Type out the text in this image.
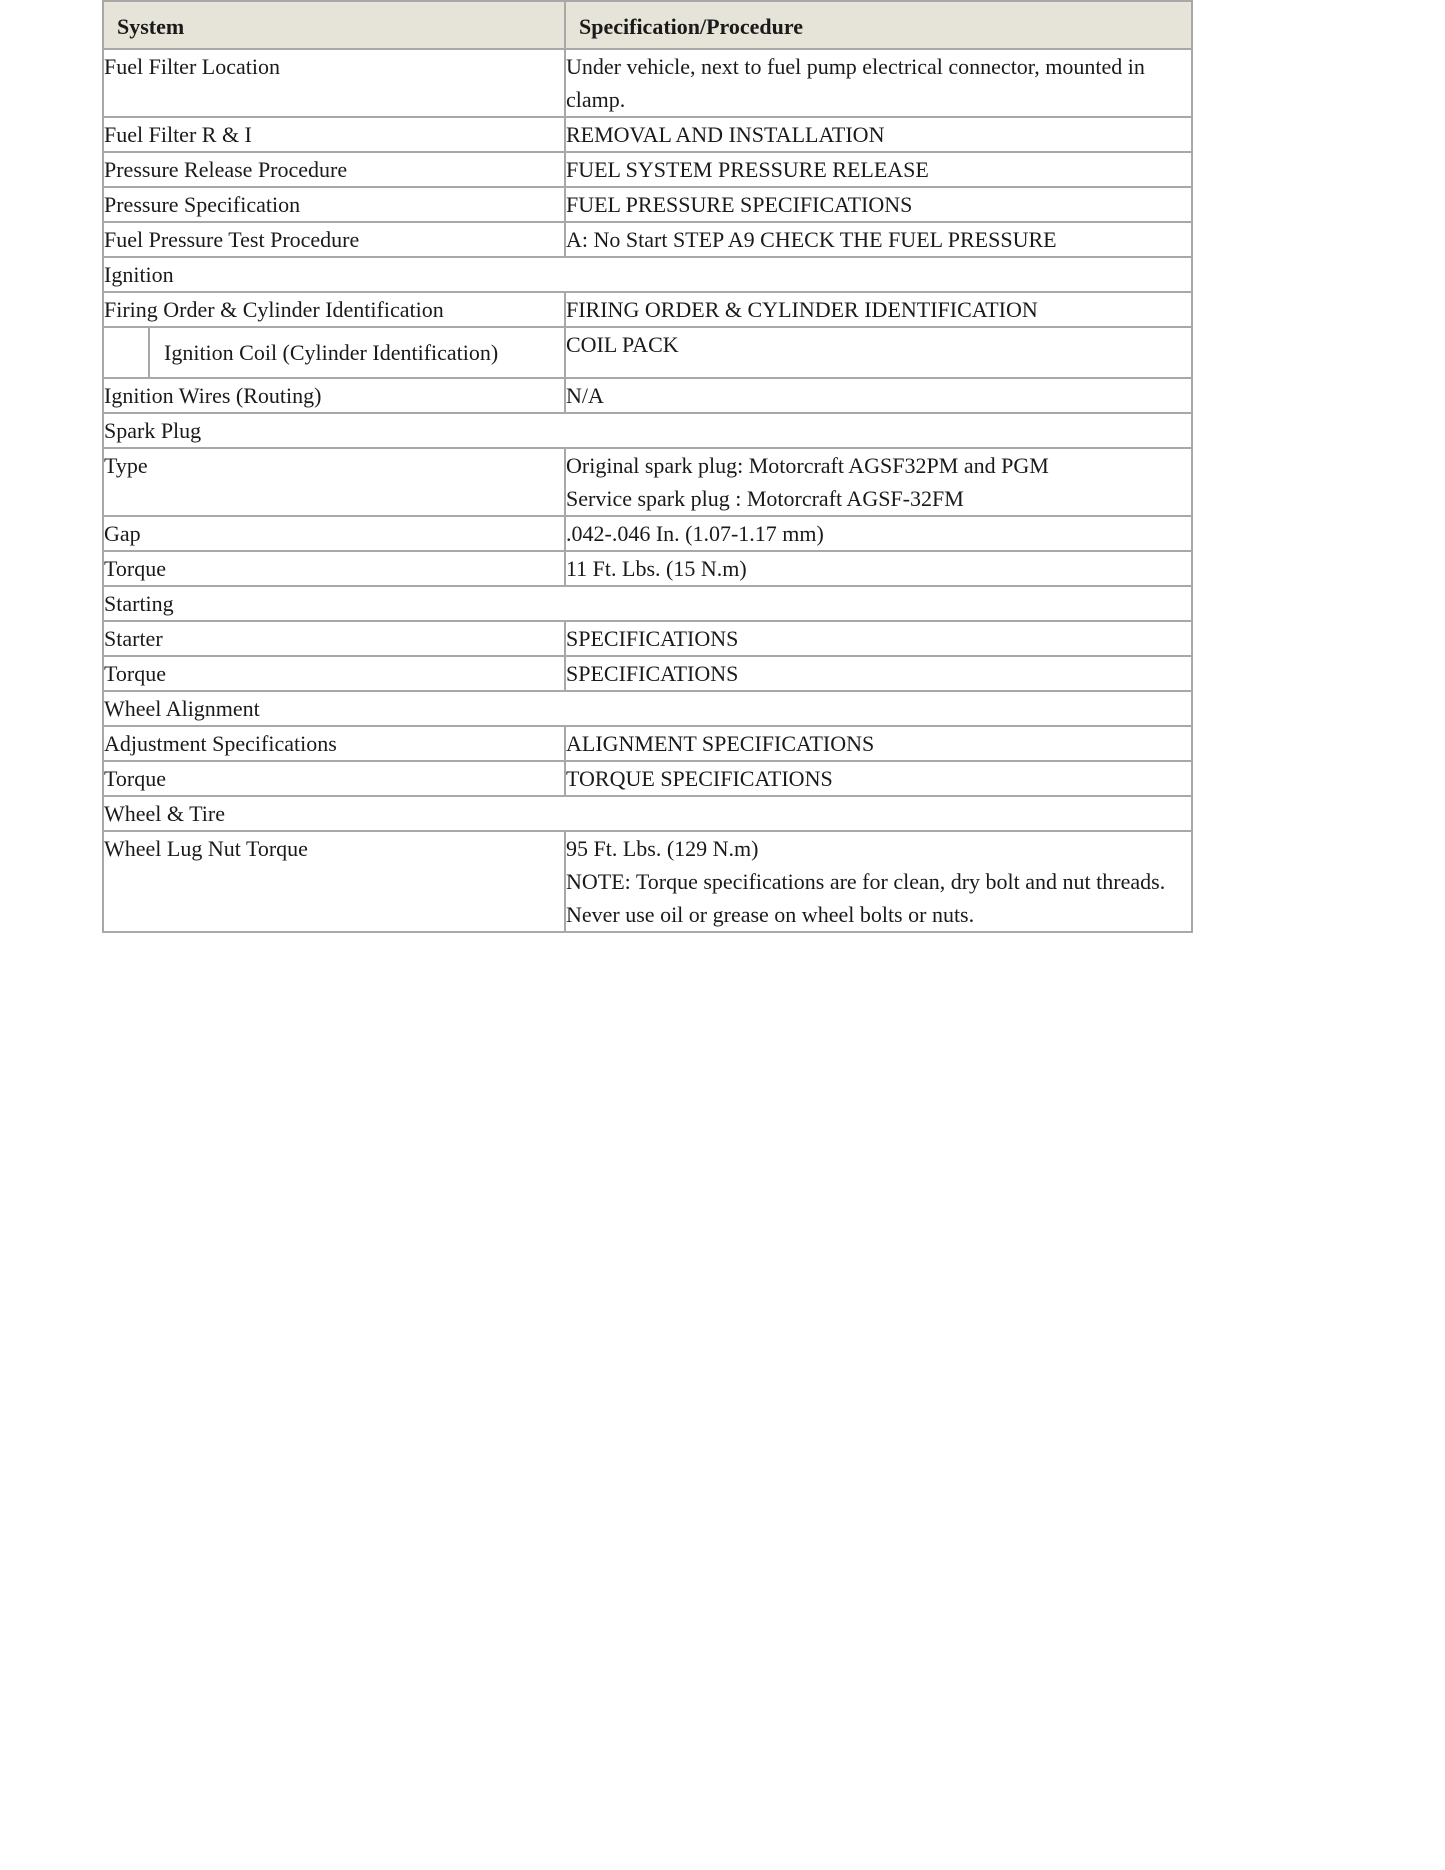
System	Specification/Procedure
Fuel Filter Location	Under vehicle, next to fuel pump electrical connector, mounted in clamp.

Fuel Filter R & I	REMOVAL AND INSTALLATION

Pressure Release Procedure	FUEL SYSTEM PRESSURE RELEASE

Pressure Specification	FUEL PRESSURE SPECIFICATIONS

Fuel Pressure Test Procedure	A: No Start STEP A9 CHECK THE FUEL PRESSURE

Ignition	
Firing Order & Cylinder Identification	FIRING ORDER & CYLINDER IDENTIFICATION

Ignition Coil (Cylinder Identification)	COIL PACK

Ignition Wires (Routing)	N/A

Spark Plug	
Type	Original spark plug: Motorcraft AGSF32PM and PGM
Service spark plug : Motorcraft AGSF-32FM

Gap	.042-.046 In. (1.07-1.17 mm)

Torque	11 Ft. Lbs. (15 N.m)

Starting	
Starter	SPECIFICATIONS

Torque	SPECIFICATIONS

Wheel Alignment	
Adjustment Specifications	ALIGNMENT SPECIFICATIONS

Torque	TORQUE SPECIFICATIONS

Wheel & Tire	
Wheel Lug Nut Torque	95 Ft. Lbs. (129 N.m)
NOTE: Torque specifications are for clean, dry bolt and nut threads. Never use oil or grease on wheel bolts or nuts.
